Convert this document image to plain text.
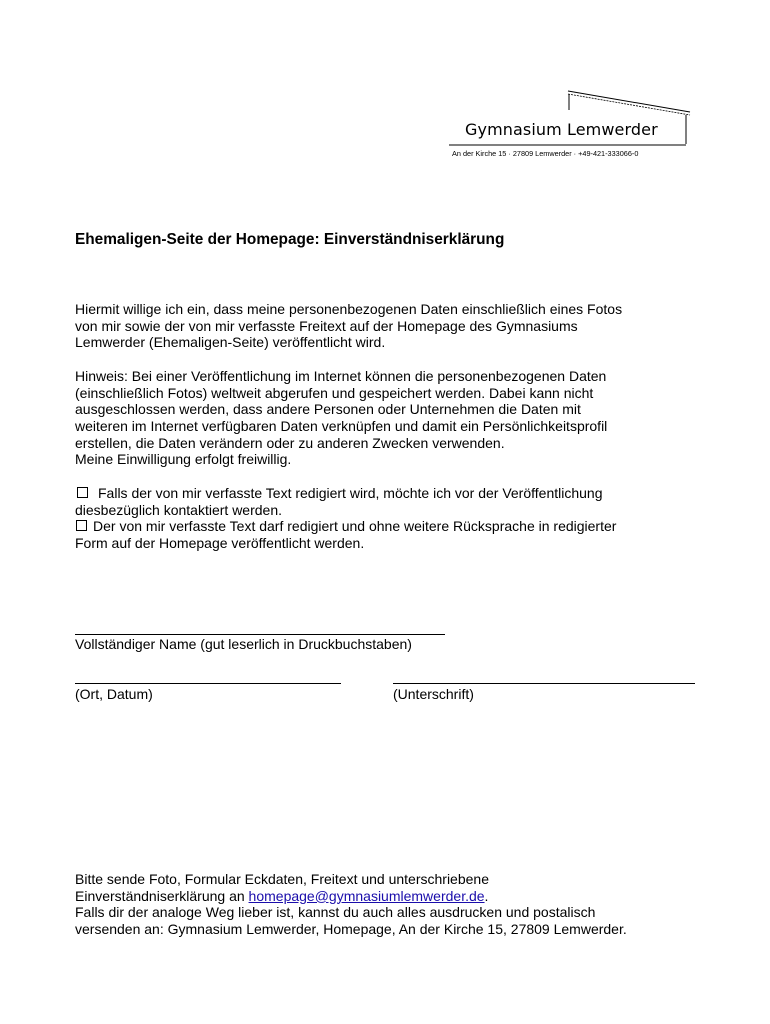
Gymnasium Lemwerder
An der Kirche 15 · 27809 Lemwerder · +49-421-333066-0
Ehemaligen-Seite der Homepage: Einverständniserklärung
Hiermit willige ich ein, dass meine personenbezogenen Daten einschließlich eines Fotos
von mir sowie der von mir verfasste Freitext auf der Homepage des Gymnasiums
Lemwerder (Ehemaligen-Seite) veröffentlicht wird.
Hinweis: Bei einer Veröffentlichung im Internet können die personenbezogenen Daten
(einschließlich Fotos) weltweit abgerufen und gespeichert werden. Dabei kann nicht
ausgeschlossen werden, dass andere Personen oder Unternehmen die Daten mit
weiteren im Internet verfügbaren Daten verknüpfen und damit ein Persönlichkeitsprofil
erstellen, die Daten verändern oder zu anderen Zwecken verwenden.
Meine Einwilligung erfolgt freiwillig.
Falls der von mir verfasste Text redigiert wird, möchte ich vor der Veröffentlichung
diesbezüglich kontaktiert werden.
Der von mir verfasste Text darf redigiert und ohne weitere Rücksprache in redigierter
Form auf der Homepage veröffentlicht werden.
Vollständiger Name (gut leserlich in Druckbuchstaben)
(Ort, Datum)	(Unterschrift)
Bitte sende Foto, Formular Eckdaten, Freitext und unterschriebene
Einverständniserklärung an homepage@gymnasiumlemwerder.de.
Falls dir der analoge Weg lieber ist, kannst du auch alles ausdrucken und postalisch
versenden an: Gymnasium Lemwerder, Homepage, An der Kirche 15, 27809 Lemwerder.
